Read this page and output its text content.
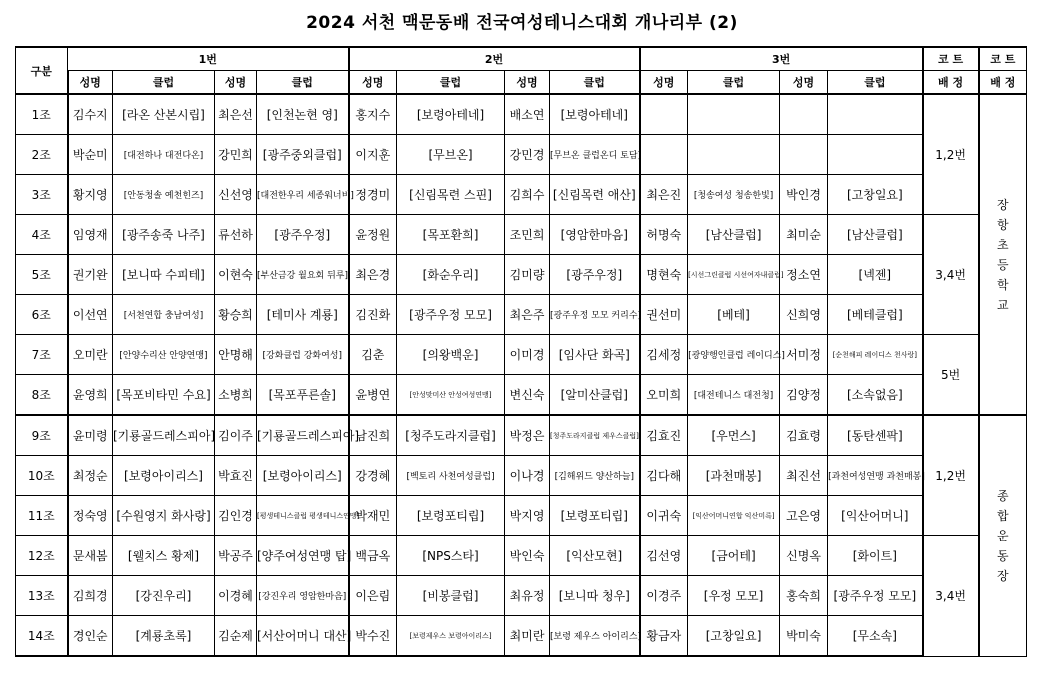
2024 서천 맥문동배 전국여성테니스대회 개나리부 (2)
구분	1번				2번				3번				코 트	코 트
	성명	클럽	성명	클럽	성명	클럽	성명	클럽	성명	클럽	성명	클럽	배 정	배 정
1조	김수지	[라온 산본시립]	최은선	[인천논현 영]	홍지수	[보령아테네]	배소연	[보령아테네]					1,2번	장항초등학교
2조	박순미	[대전하나 대전다온]	강민희	[광주중외클럽]	이지훈	[무브온]	강민경	[무브온 클럽온디 토담]						
3조	황지영	[안동청솔 예천힌즈]	신선영	[대전한우리 세종워너비]	정경미	[신림목련 스핀]	김희수	[신림목련 애산]	최은진	[청송여성 청송한빛]	박인경	[고창일요]		
4조	임영재	[광주송죽 나주]	류선하	[광주우정]	윤정원	[목포환희]	조민희	[영암한마음]	허명숙	[남산클럽]	최미순	[남산클럽]	3,4번	
5조	권기완	[보니따 수피테]	이현숙	[부산금강 월요회 뒤루]	최은경	[화순우리]	김미량	[광주우정]	명현숙	[시선그린클럽 시선여자내클럽]	정소연	[넥젠]		
6조	이선연	[서천연합 충남여성]	황승희	[테미사 계룡]	김진화	[광주우정 모모]	최은주	[광주우정 모모 커리수]	권선미	[베테]	신희영	[베테클럽]		
7조	오미란	[안양수리산 안양연맹]	안명해	[강화클럽 강화여성]	김춘	[의왕백운]	이미경	[임사단 화곡]	김세정	[광양행인클럽 레이디스]	서미정	[순천해피 레이디스 천사랑]	5번	
8조	윤영희	[목포비타민 수요]	소병희	[목포푸른솔]	윤병연	[안성맞미산 안성여성연맹]	변신숙	[알미산클럽]	오미희	[대전테니스 대전청]	김양정	[소속없음]		
9조	윤미령	[기룡골드레스피아]	김이주	[기룡골드레스피아]	남진희	[청주도라지클럽]	박정은	[청주도라지클럽 제우스클럽]	김효진	[우먼스]	김효령	[동탄센팍]	1,2번	종합운동장
10조	최정순	[보령아이리스]	박효진	[보령아이리스]	강경혜	[벡토리 사천여성클럽]	이나경	[김해위드 양산하늘]	김다해	[과천매봉]	최진선	[과천여성연맹 과천매봉]		
11조	정숙영	[수원영지 화사랑]	김인경	[평생테니스클럽 평생테니스연맹]	박재민	[보령포티립]	박지영	[보령포티립]	이귀숙	[익산어머니연합 익산미륵]	고은영	[익산어머니]		
12조	문새봄	[웰치스 황제]	박공주	[양주여성연맹 탑]	백금옥	[NPS스타]	박인숙	[익산모현]	김선영	[금어테]	신명옥	[화이트]	3,4번	
13조	김희경	[강진우리]	이경혜	[강진우리 영암한마음]	이은림	[비봉클럽]	최유정	[보니따 청우]	이경주	[우정 모모]	홍숙희	[광주우정 모모]		
14조	경인순	[계룡초록]	김순제	[서산어머니 대산]	박수진	[보령제우스 보령아이리스]	최미란	[보령 제우스 아이리스]	황금자	[고창일요]	박미숙	[무소속]		
